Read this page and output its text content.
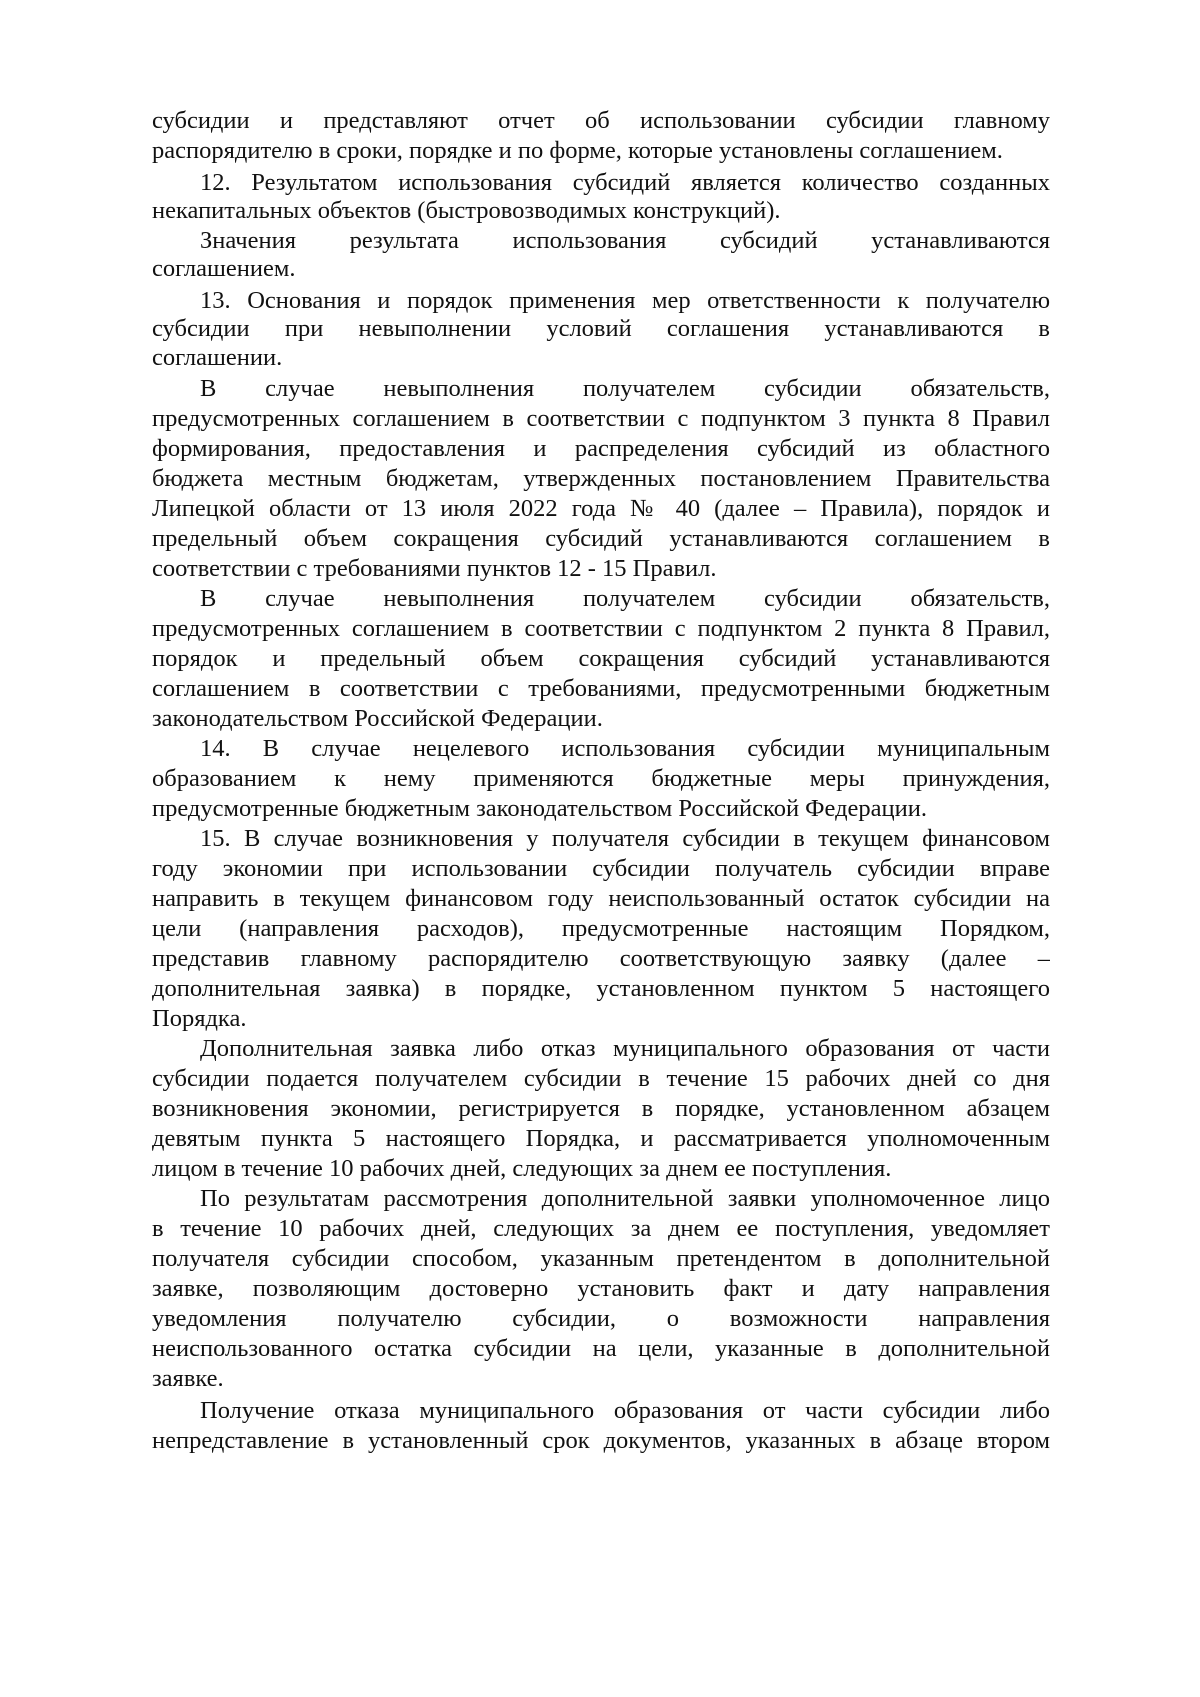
субсидии и представляют отчет об использовании субсидии главному
распорядителю в сроки, порядке и по форме, которые установлены соглашением.
12. Результатом использования субсидий является количество созданных
некапитальных объектов (быстровозводимых конструкций).
Значения результата использования субсидий устанавливаются
соглашением.
13. Основания и порядок применения мер ответственности к получателю
субсидии при невыполнении условий соглашения устанавливаются в
соглашении.
В случае невыполнения получателем субсидии обязательств,
предусмотренных соглашением в соответствии с подпунктом 3 пункта 8 Правил
формирования, предоставления и распределения субсидий из областного
бюджета местным бюджетам, утвержденных постановлением Правительства
Липецкой области от 13 июля 2022 года № 40 (далее – Правила), порядок и
предельный объем сокращения субсидий устанавливаются соглашением в
соответствии с требованиями пунктов 12 - 15 Правил.
В случае невыполнения получателем субсидии обязательств,
предусмотренных соглашением в соответствии с подпунктом 2 пункта 8 Правил,
порядок и предельный объем сокращения субсидий устанавливаются
соглашением в соответствии с требованиями, предусмотренными бюджетным
законодательством Российской Федерации.
14. В случае нецелевого использования субсидии муниципальным
образованием к нему применяются бюджетные меры принуждения,
предусмотренные бюджетным законодательством Российской Федерации.
15. В случае возникновения у получателя субсидии в текущем финансовом
году экономии при использовании субсидии получатель субсидии вправе
направить в текущем финансовом году неиспользованный остаток субсидии на
цели (направления расходов), предусмотренные настоящим Порядком,
представив главному распорядителю соответствующую заявку (далее –
дополнительная заявка) в порядке, установленном пунктом 5 настоящего
Порядка.
Дополнительная заявка либо отказ муниципального образования от части
субсидии подается получателем субсидии в течение 15 рабочих дней со дня
возникновения экономии, регистрируется в порядке, установленном абзацем
девятым пункта 5 настоящего Порядка, и рассматривается уполномоченным
лицом в течение 10 рабочих дней, следующих за днем ее поступления.
По результатам рассмотрения дополнительной заявки уполномоченное лицо
в течение 10 рабочих дней, следующих за днем ее поступления, уведомляет
получателя субсидии способом, указанным претендентом в дополнительной
заявке, позволяющим достоверно установить факт и дату направления
уведомления получателю субсидии, о возможности направления
неиспользованного остатка субсидии на цели, указанные в дополнительной
заявке.
Получение отказа муниципального образования от части субсидии либо
непредставление в установленный срок документов, указанных в абзаце втором
